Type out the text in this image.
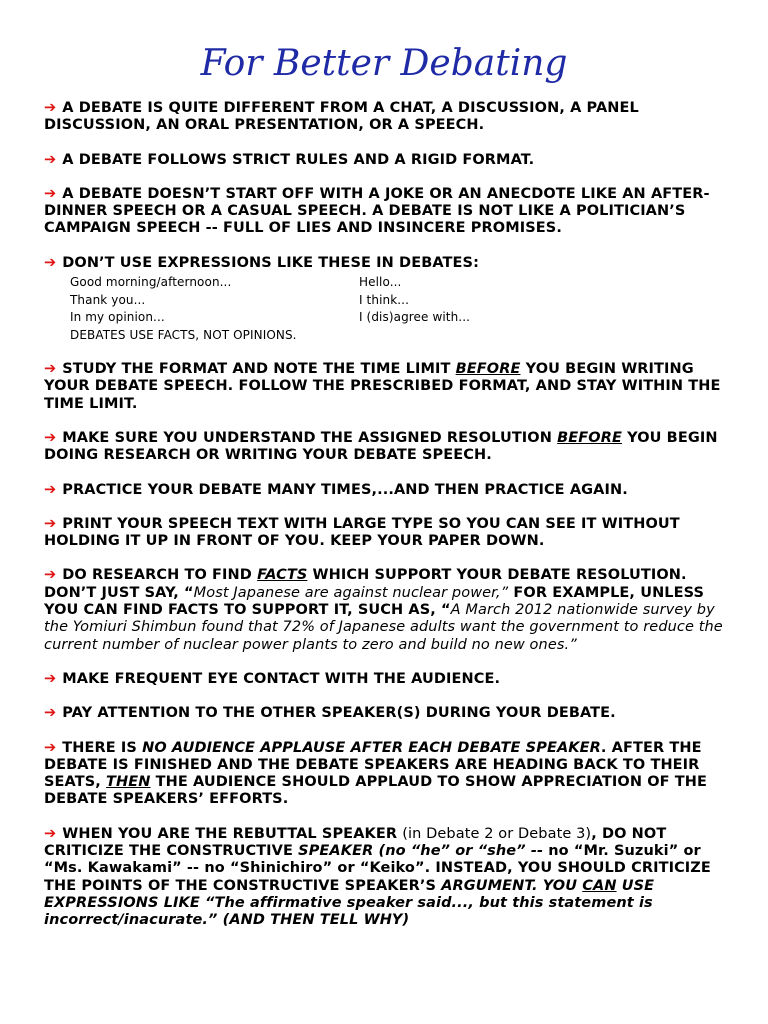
For Better Debating
➔ A DEBATE IS QUITE DIFFERENT FROM A CHAT, A DISCUSSION, A PANEL DISCUSSION, AN ORAL PRESENTATION, OR A SPEECH.
➔ A DEBATE FOLLOWS STRICT RULES AND A RIGID FORMAT.
➔ A DEBATE DOESN’T START OFF WITH A JOKE OR AN ANECDOTE LIKE AN AFTER-DINNER SPEECH OR A CASUAL SPEECH. A DEBATE IS NOT LIKE A POLITICIAN’S CAMPAIGN SPEECH -- FULL OF LIES AND INSINCERE PROMISES.
➔ DON’T USE EXPRESSIONS LIKE THESE IN DEBATES:
Good morning/afternoon...	Hello...
Thank you...	I think...
In my opinion...	I (dis)agree with...
DEBATES USE FACTS, NOT OPINIONS.
➔ STUDY THE FORMAT AND NOTE THE TIME LIMIT BEFORE YOU BEGIN WRITING YOUR DEBATE SPEECH. FOLLOW THE PRESCRIBED FORMAT, AND STAY WITHIN THE TIME LIMIT.
➔ MAKE SURE YOU UNDERSTAND THE ASSIGNED RESOLUTION BEFORE YOU BEGIN DOING RESEARCH OR WRITING YOUR DEBATE SPEECH.
➔ PRACTICE YOUR DEBATE MANY TIMES,...AND THEN PRACTICE AGAIN.
➔ PRINT YOUR SPEECH TEXT WITH LARGE TYPE SO YOU CAN SEE IT WITHOUT HOLDING IT UP IN FRONT OF YOU. KEEP YOUR PAPER DOWN.
➔ DO RESEARCH TO FIND FACTS WHICH SUPPORT YOUR DEBATE RESOLUTION. DON’T JUST SAY, “Most Japanese are against nuclear power,” FOR EXAMPLE, UNLESS YOU CAN FIND FACTS TO SUPPORT IT, SUCH AS, “A March 2012 nationwide survey by the Yomiuri Shimbun found that 72% of Japanese adults want the government to reduce the current number of nuclear power plants to zero and build no new ones.”
➔ MAKE FREQUENT EYE CONTACT WITH THE AUDIENCE.
➔ PAY ATTENTION TO THE OTHER SPEAKER(S) DURING YOUR DEBATE.
➔ THERE IS NO AUDIENCE APPLAUSE AFTER EACH DEBATE SPEAKER. AFTER THE DEBATE IS FINISHED AND THE DEBATE SPEAKERS ARE HEADING BACK TO THEIR SEATS, THEN THE AUDIENCE SHOULD APPLAUD TO SHOW APPRECIATION OF THE DEBATE SPEAKERS’ EFFORTS.
➔ WHEN YOU ARE THE REBUTTAL SPEAKER (in Debate 2 or Debate 3), DO NOT CRITICIZE THE CONSTRUCTIVE SPEAKER (no “he” or “she” -- no “Mr. Suzuki” or “Ms. Kawakami” -- no “Shinichiro” or “Keiko”. INSTEAD, YOU SHOULD CRITICIZE THE POINTS OF THE CONSTRUCTIVE SPEAKER’S ARGUMENT. YOU CAN USE EXPRESSIONS LIKE “The affirmative speaker said..., but this statement is incorrect/inacurate.” (AND THEN TELL WHY)
